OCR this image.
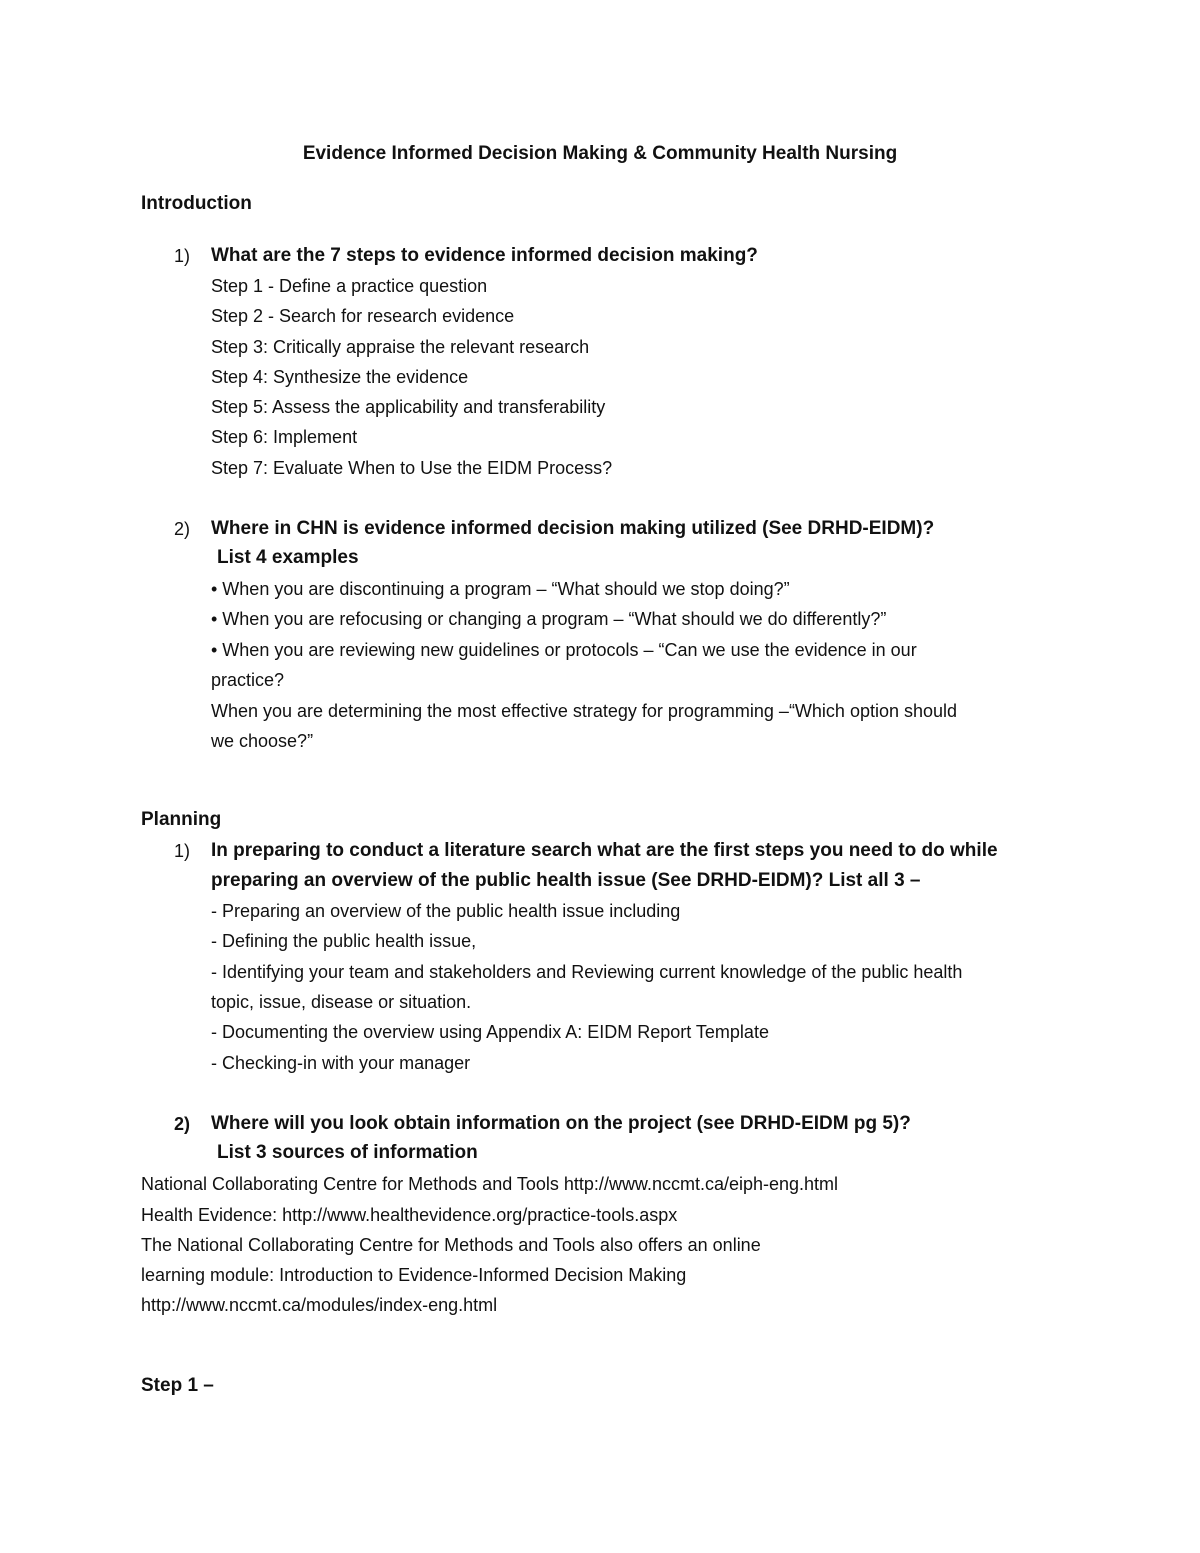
Evidence Informed Decision Making & Community Health Nursing
Introduction
1) What are the 7 steps to evidence informed decision making?
Step 1 - Define a practice question
Step 2 - Search for research evidence
Step 3: Critically appraise the relevant research
Step 4: Synthesize the evidence
Step 5: Assess the applicability and transferability
Step 6: Implement
Step 7: Evaluate When to Use the EIDM Process?
2) Where in CHN is evidence informed decision making utilized (See DRHD-EIDM)?
List 4 examples
• When you are discontinuing a program – “What should we stop doing?”
• When you are refocusing or changing a program – “What should we do differently?”
• When you are reviewing new guidelines or protocols – “Can we use the evidence in our
practice?
When you are determining the most effective strategy for programming –“Which option should
we choose?”
Planning
1) In preparing to conduct a literature search what are the first steps you need to do while
preparing an overview of the public health issue (See DRHD-EIDM)? List all 3 –
- Preparing an overview of the public health issue including
- Defining the public health issue,
- Identifying your team and stakeholders and Reviewing current knowledge of the public health
topic, issue, disease or situation.
- Documenting the overview using Appendix A: EIDM Report Template
- Checking-in with your manager
2) Where will you look obtain information on the project (see DRHD-EIDM pg 5)?
List 3 sources of information
National Collaborating Centre for Methods and Tools http://www.nccmt.ca/eiph-eng.html
Health Evidence: http://www.healthevidence.org/practice-tools.aspx
The National Collaborating Centre for Methods and Tools also offers an online
learning module: Introduction to Evidence-Informed Decision Making
http://www.nccmt.ca/modules/index-eng.html
Step 1 –
